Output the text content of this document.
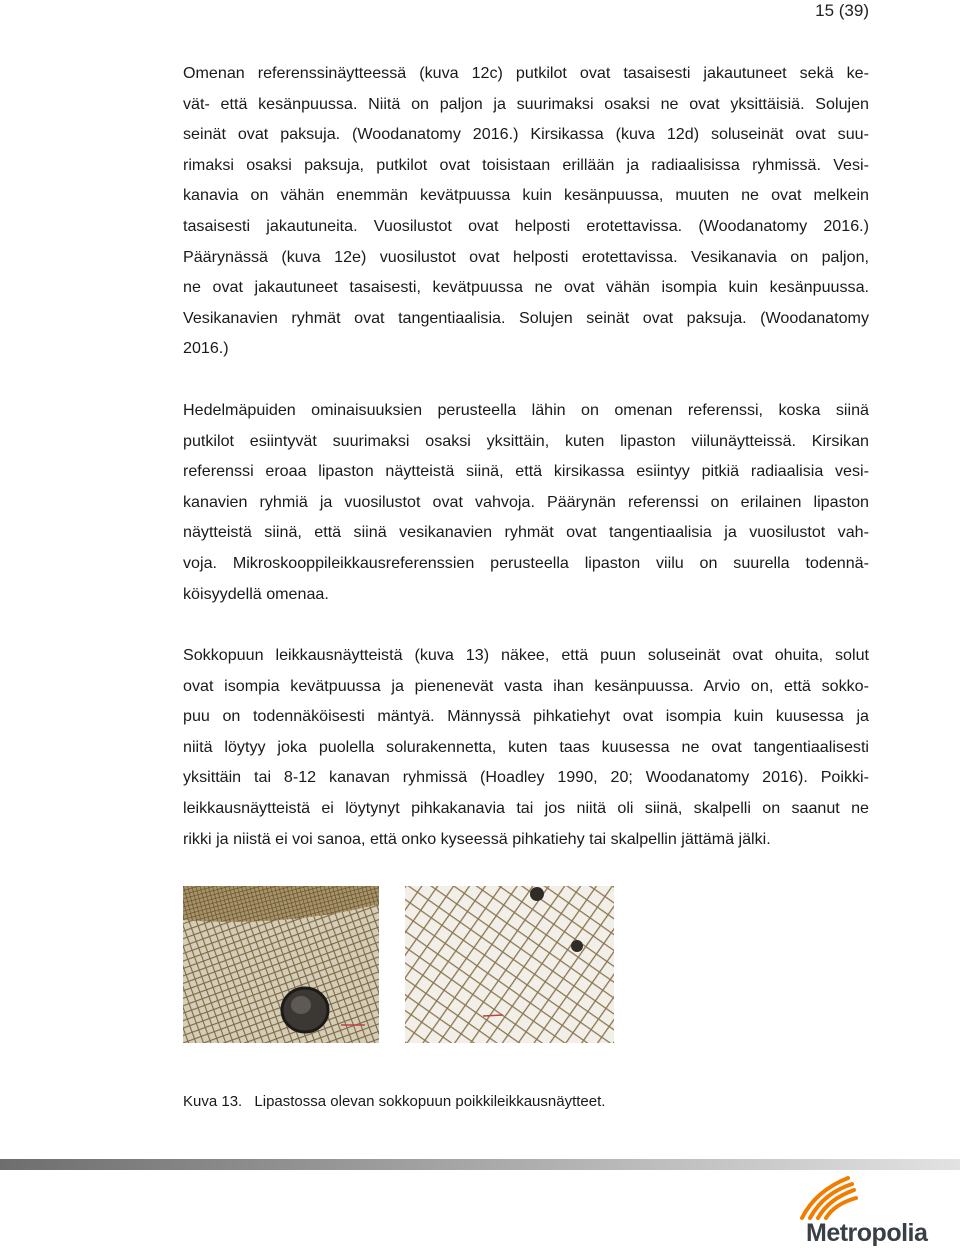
15 (39)

Omenan referenssinäytteessä (kuva 12c) putkilot ovat tasaisesti jakautuneet sekä ke-
vät- että kesänpuussa. Niitä on paljon ja suurimaksi osaksi ne ovat yksittäisiä. Solujen
seinät ovat paksuja. (Woodanatomy 2016.) Kirsikassa (kuva 12d) soluseinät ovat suu-
rimaksi osaksi paksuja, putkilot ovat toisistaan erillään ja radiaalisissa ryhmissä. Vesi-
kanavia on vähän enemmän kevätpuussa kuin kesänpuussa, muuten ne ovat melkein
tasaisesti jakautuneita. Vuosilustot ovat helposti erotettavissa. (Woodanatomy 2016.)
Päärynässä (kuva 12e) vuosilustot ovat helposti erotettavissa. Vesikanavia on paljon,
ne ovat jakautuneet tasaisesti, kevätpuussa ne ovat vähän isompia kuin kesänpuussa.
Vesikanavien ryhmät ovat tangentiaalisia. Solujen seinät ovat paksuja. (Woodanatomy
2016.)

Hedelmäpuiden ominaisuuksien perusteella lähin on omenan referenssi, koska siinä
putkilot esiintyvät suurimaksi osaksi yksittäin, kuten lipaston viilunäytteissä. Kirsikan
referenssi eroaa lipaston näytteistä siinä, että kirsikassa esiintyy pitkiä radiaalisia vesi-
kanavien ryhmiä ja vuosilustot ovat vahvoja. Päärynän referenssi on erilainen lipaston
näytteistä siinä, että siinä vesikanavien ryhmät ovat tangentiaalisia ja vuosilustot vah-
voja. Mikroskooppileikkausreferenssien perusteella lipaston viilu on suurella todennä-
köisyydellä omenaa.

Sokkopuun leikkausnäytteistä (kuva 13) näkee, että puun soluseinät ovat ohuita, solut
ovat isompia kevätpuussa ja pienenevät vasta ihan kesänpuussa. Arvio on, että sokko-
puu on todennäköisesti mäntyä. Männyssä pihkatiehyt ovat isompia kuin kuusessa ja
niitä löytyy joka puolella solurakennetta, kuten taas kuusessa ne ovat tangentiaalisesti
yksittäin tai 8-12 kanavan ryhmissä (Hoadley 1990, 20; Woodanatomy 2016). Poikki-
leikkausnäytteistä ei löytynyt pihkakanavia tai jos niitä oli siinä, skalpelli on saanut ne
rikki ja niistä ei voi sanoa, että onko kyseessä pihkatiehy tai skalpellin jättämä jälki.

Kuva 13. Lipastossa olevan sokkopuun poikkileikkausnäytteet.
Metropolia
